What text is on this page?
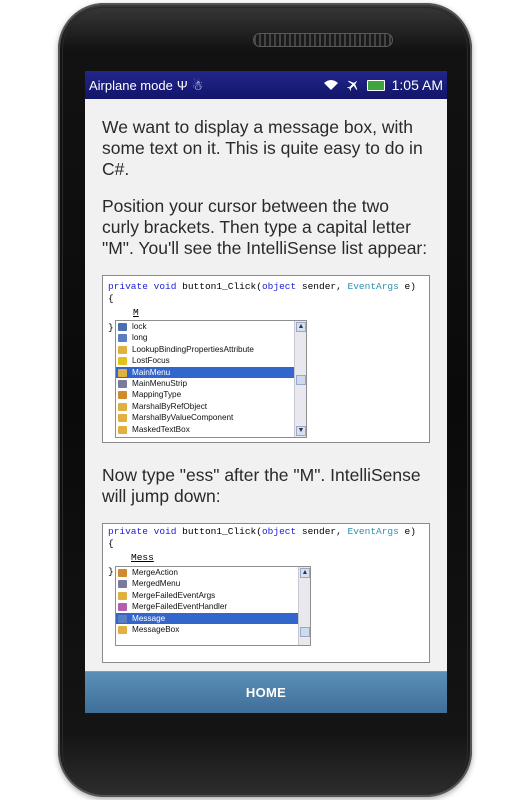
Airplane mode Ψ ☃	1:05 AM

We want to display a message box, with some text on it. This is quite easy to do in C#.

Position your cursor between the two curly brackets. Then type a capital letter "M". You'll see the IntelliSense list appear:

private void button1_Click(object sender, EventArgs e)
{
M
}	lock
long
LookupBindingPropertiesAttribute
LostFocus
MainMenu
MainMenuStrip
MappingType
MarshalByRefObject
MarshalByValueComponent
MaskedTextBox
▲
▼

Now type "ess" after the "M". IntelliSense will jump down:

private void button1_Click(object sender, EventArgs e)
{
Mess
}	MergeAction
MergedMenu
MergeFailedEventArgs
MergeFailedEventHandler
Message
MessageBox
▲
HOME
